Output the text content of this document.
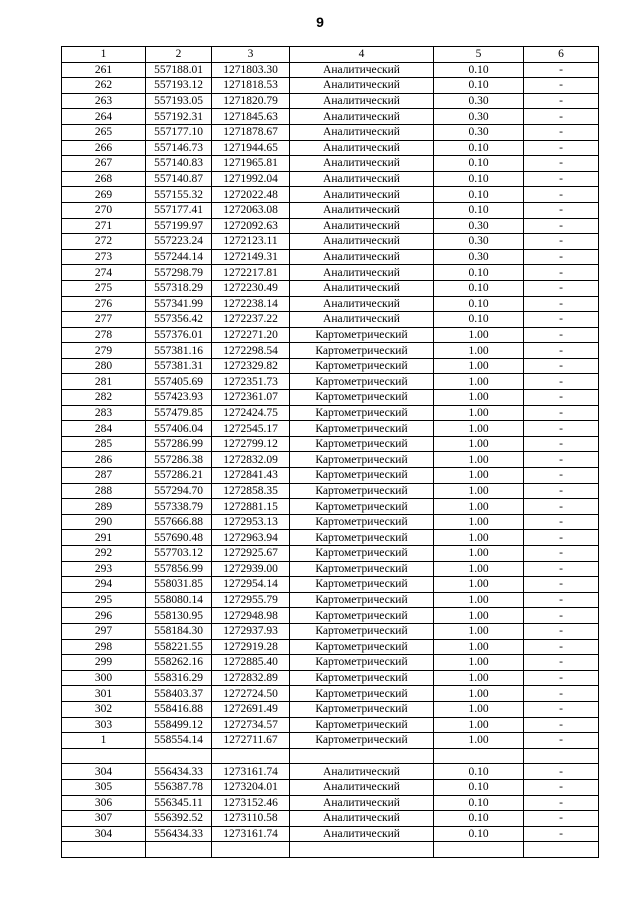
9
1	2	3	4	5	6
261	557188.01	1271803.30	Аналитический	0.10	-
262	557193.12	1271818.53	Аналитический	0.10	-
263	557193.05	1271820.79	Аналитический	0.30	-
264	557192.31	1271845.63	Аналитический	0.30	-
265	557177.10	1271878.67	Аналитический	0.30	-
266	557146.73	1271944.65	Аналитический	0.10	-
267	557140.83	1271965.81	Аналитический	0.10	-
268	557140.87	1271992.04	Аналитический	0.10	-
269	557155.32	1272022.48	Аналитический	0.10	-
270	557177.41	1272063.08	Аналитический	0.10	-
271	557199.97	1272092.63	Аналитический	0.30	-
272	557223.24	1272123.11	Аналитический	0.30	-
273	557244.14	1272149.31	Аналитический	0.30	-
274	557298.79	1272217.81	Аналитический	0.10	-
275	557318.29	1272230.49	Аналитический	0.10	-
276	557341.99	1272238.14	Аналитический	0.10	-
277	557356.42	1272237.22	Аналитический	0.10	-
278	557376.01	1272271.20	Картометрический	1.00	-
279	557381.16	1272298.54	Картометрический	1.00	-
280	557381.31	1272329.82	Картометрический	1.00	-
281	557405.69	1272351.73	Картометрический	1.00	-
282	557423.93	1272361.07	Картометрический	1.00	-
283	557479.85	1272424.75	Картометрический	1.00	-
284	557406.04	1272545.17	Картометрический	1.00	-
285	557286.99	1272799.12	Картометрический	1.00	-
286	557286.38	1272832.09	Картометрический	1.00	-
287	557286.21	1272841.43	Картометрический	1.00	-
288	557294.70	1272858.35	Картометрический	1.00	-
289	557338.79	1272881.15	Картометрический	1.00	-
290	557666.88	1272953.13	Картометрический	1.00	-
291	557690.48	1272963.94	Картометрический	1.00	-
292	557703.12	1272925.67	Картометрический	1.00	-
293	557856.99	1272939.00	Картометрический	1.00	-
294	558031.85	1272954.14	Картометрический	1.00	-
295	558080.14	1272955.79	Картометрический	1.00	-
296	558130.95	1272948.98	Картометрический	1.00	-
297	558184.30	1272937.93	Картометрический	1.00	-
298	558221.55	1272919.28	Картометрический	1.00	-
299	558262.16	1272885.40	Картометрический	1.00	-
300	558316.29	1272832.89	Картометрический	1.00	-
301	558403.37	1272724.50	Картометрический	1.00	-
302	558416.88	1272691.49	Картометрический	1.00	-
303	558499.12	1272734.57	Картометрический	1.00	-
1	558554.14	1272711.67	Картометрический	1.00	-

304	556434.33	1273161.74	Аналитический	0.10	-
305	556387.78	1273204.01	Аналитический	0.10	-
306	556345.11	1273152.46	Аналитический	0.10	-
307	556392.52	1273110.58	Аналитический	0.10	-
304	556434.33	1273161.74	Аналитический	0.10	-
